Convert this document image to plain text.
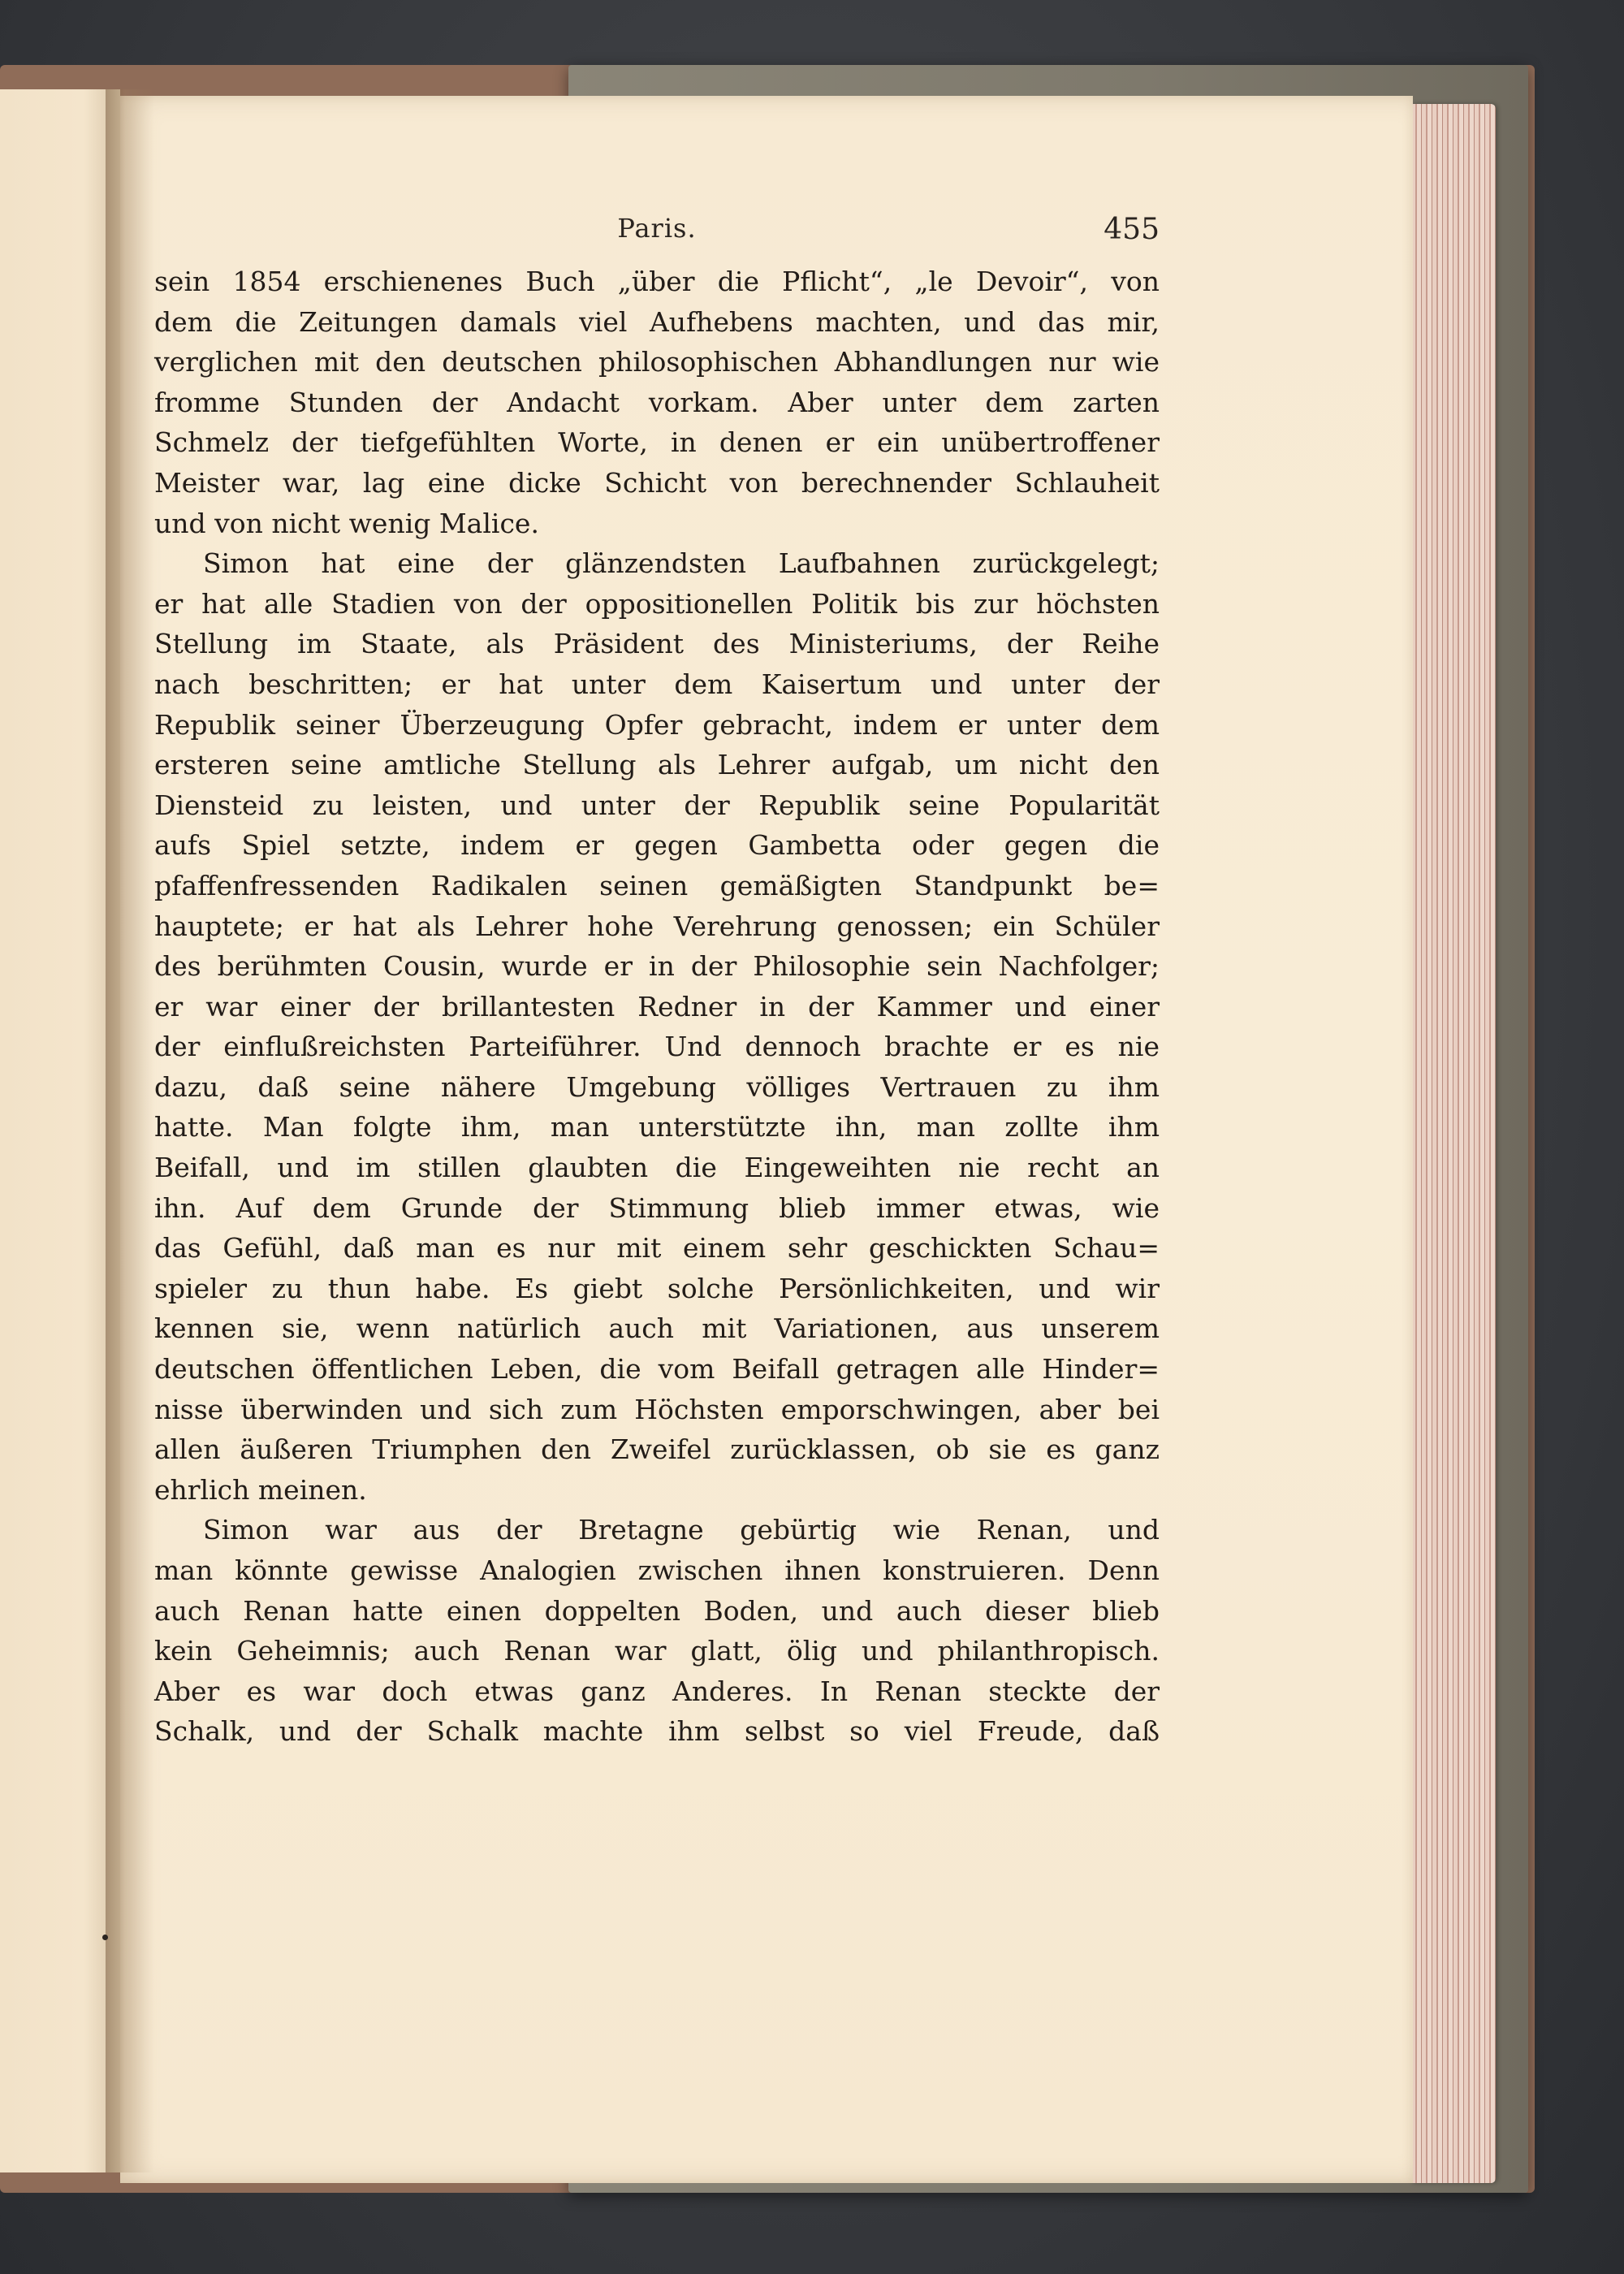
Paris.	455
sein 1854 erschienenes Buch „über die Pflicht“, „le Devoir“, von
dem die Zeitungen damals viel Aufhebens machten, und das mir,
verglichen mit den deutschen philosophischen Abhandlungen nur wie
fromme Stunden der Andacht vorkam. Aber unter dem zarten
Schmelz der tiefgefühlten Worte, in denen er ein unübertroffener
Meister war, lag eine dicke Schicht von berechnender Schlauheit
und von nicht wenig Malice.
Simon hat eine der glänzendsten Laufbahnen zurückgelegt;
er hat alle Stadien von der oppositionellen Politik bis zur höchsten
Stellung im Staate, als Präsident des Ministeriums, der Reihe
nach beschritten; er hat unter dem Kaisertum und unter der
Republik seiner Überzeugung Opfer gebracht, indem er unter dem
ersteren seine amtliche Stellung als Lehrer aufgab, um nicht den
Diensteid zu leisten, und unter der Republik seine Popularität
aufs Spiel setzte, indem er gegen Gambetta oder gegen die
pfaffenfressenden Radikalen seinen gemäßigten Standpunkt be=
hauptete; er hat als Lehrer hohe Verehrung genossen; ein Schüler
des berühmten Cousin, wurde er in der Philosophie sein Nachfolger;
er war einer der brillantesten Redner in der Kammer und einer
der einflußreichsten Parteiführer. Und dennoch brachte er es nie
dazu, daß seine nähere Umgebung völliges Vertrauen zu ihm
hatte. Man folgte ihm, man unterstützte ihn, man zollte ihm
Beifall, und im stillen glaubten die Eingeweihten nie recht an
ihn. Auf dem Grunde der Stimmung blieb immer etwas, wie
das Gefühl, daß man es nur mit einem sehr geschickten Schau=
spieler zu thun habe. Es giebt solche Persönlichkeiten, und wir
kennen sie, wenn natürlich auch mit Variationen, aus unserem
deutschen öffentlichen Leben, die vom Beifall getragen alle Hinder=
nisse überwinden und sich zum Höchsten emporschwingen, aber bei
allen äußeren Triumphen den Zweifel zurücklassen, ob sie es ganz
ehrlich meinen.
Simon war aus der Bretagne gebürtig wie Renan, und
man könnte gewisse Analogien zwischen ihnen konstruieren. Denn
auch Renan hatte einen doppelten Boden, und auch dieser blieb
kein Geheimnis; auch Renan war glatt, ölig und philanthropisch.
Aber es war doch etwas ganz Anderes. In Renan steckte der
Schalk, und der Schalk machte ihm selbst so viel Freude, daß
